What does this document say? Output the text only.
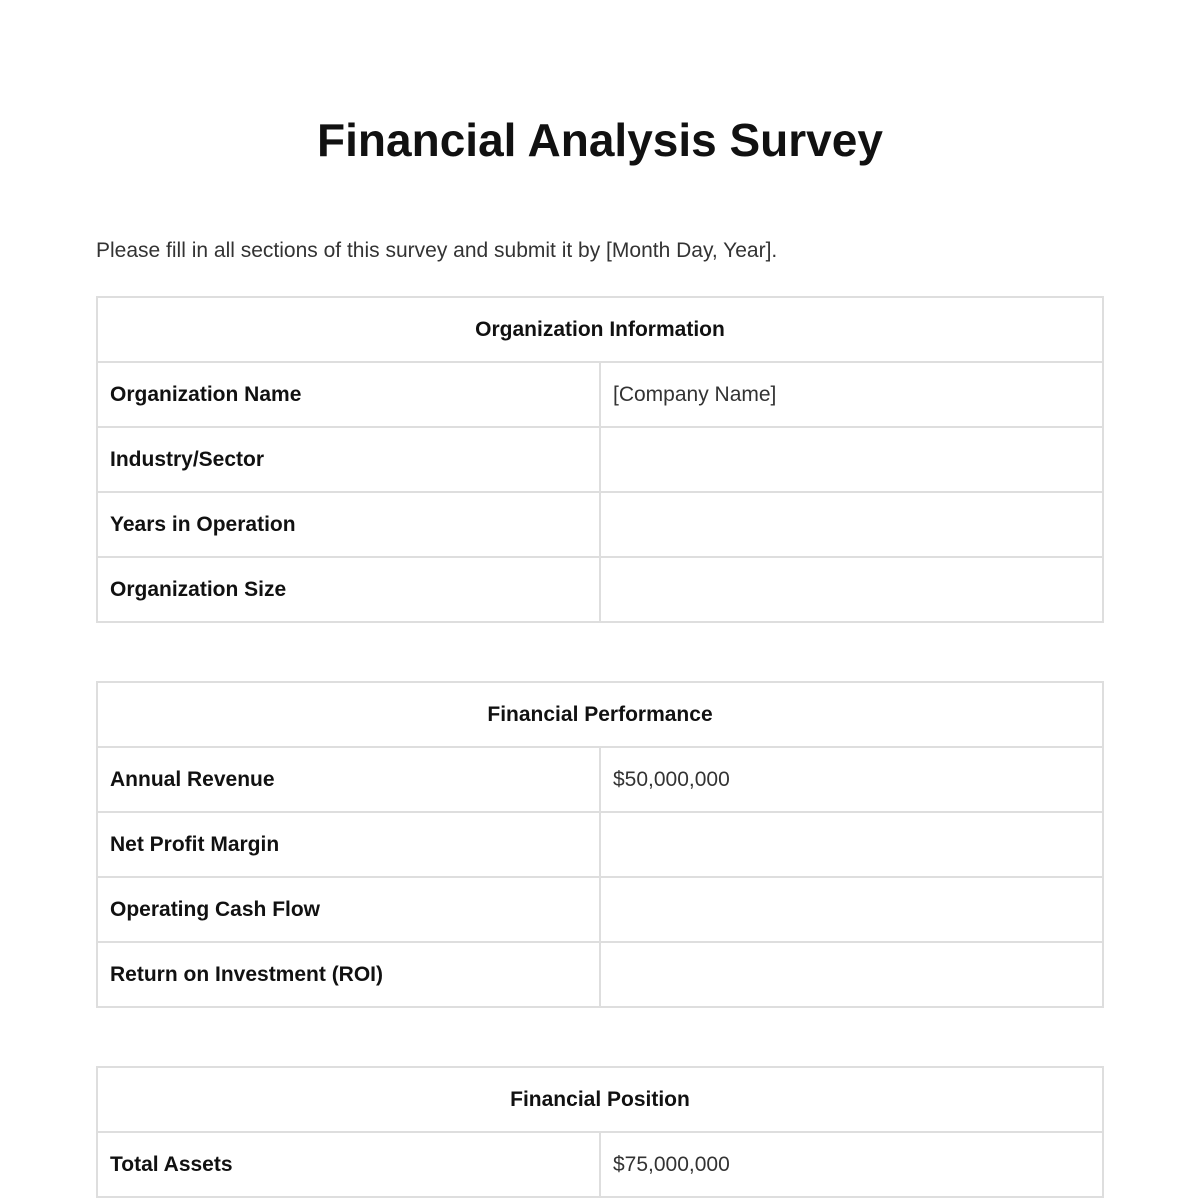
Financial Analysis Survey

Please fill in all sections of this survey and submit it by [Month Day, Year].

Organization Information	
Organization Name	[Company Name]
Industry/Sector	
Years in Operation	
Organization Size	
Financial Performance	
Annual Revenue	$50,000,000
Net Profit Margin	
Operating Cash Flow	
Return on Investment (ROI)	
Financial Position
Total Assets	$75,000,000
